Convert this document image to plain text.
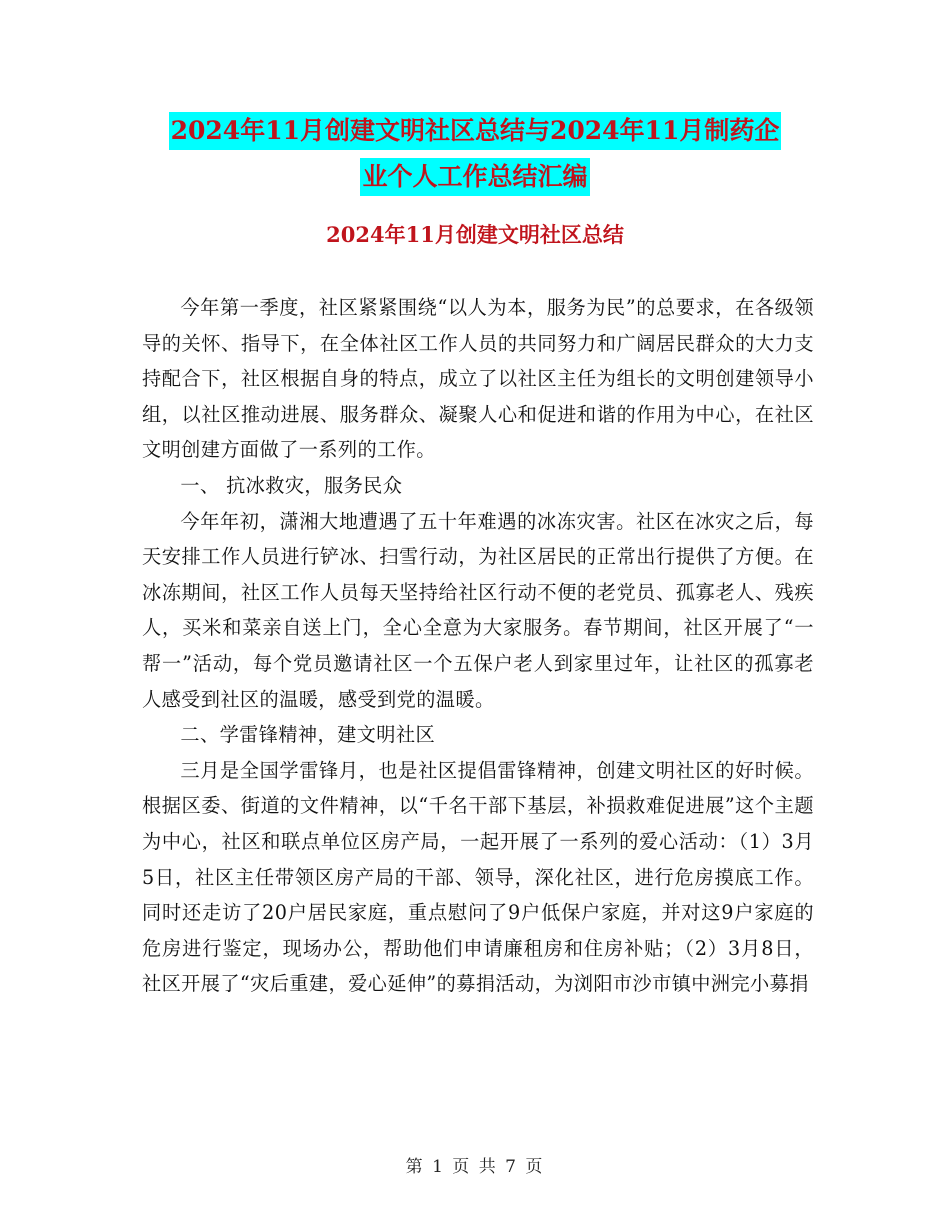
2024年11月创建文明社区总结与2024年11月制药企
业个人工作总结汇编
2024年11月创建文明社区总结

今年第一季度，社区紧紧围绕“以人为本，服务为民”的总要求，在各级领导的关怀、指导下，在全体社区工作人员的共同努力和广阔居民群众的大力支持配合下，社区根据自身的特点，成立了以社区主任为组长的文明创建领导小组，以社区推动进展、服务群众、凝聚人心和促进和谐的作用为中心，在社区文明创建方面做了一系列的工作。

一、 抗冰救灾，服务民众

今年年初，潇湘大地遭遇了五十年难遇的冰冻灾害。社区在冰灾之后，每天安排工作人员进行铲冰、扫雪行动，为社区居民的正常出行提供了方便。在冰冻期间，社区工作人员每天坚持给社区行动不便的老党员、孤寡老人、残疾人，买米和菜亲自送上门，全心全意为大家服务。春节期间，社区开展了“一帮一”活动，每个党员邀请社区一个五保户老人到家里过年，让社区的孤寡老人感受到社区的温暖，感受到党的温暖。

二、学雷锋精神，建文明社区

三月是全国学雷锋月，也是社区提倡雷锋精神，创建文明社区的好时候。根据区委、街道的文件精神，以“千名干部下基层，补损救难促进展”这个主题为中心，社区和联点单位区房产局，一起开展了一系列的爱心活动：（1）3月5日，社区主任带领区房产局的干部、领导，深化社区，进行危房摸底工作。同时还走访了20户居民家庭，重点慰问了9户低保户家庭，并对这9户家庭的危房进行鉴定，现场办公，帮助他们申请廉租房和住房补贴；（2）3月8日，社区开展了“灾后重建，爱心延伸”的募捐活动，为浏阳市沙市镇中洲完小募捐

第 1 页 共 7 页
